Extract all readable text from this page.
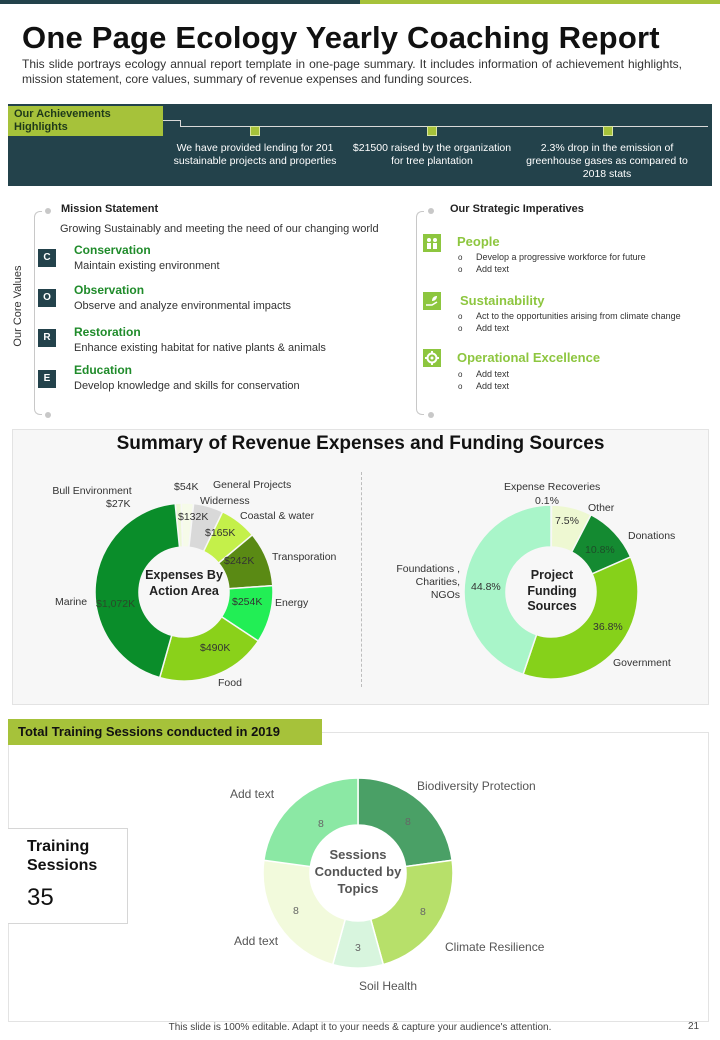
One Page Ecology Yearly Coaching Report
This slide portrays ecology annual report template in one-page summary. It includes information of achievement highlights, mission statement, core values, summary of revenue expenses and funding sources.
Our Achievements Highlights
We have provided lending for 201 sustainable projects and properties
$21500 raised by the organization for tree plantation
2.3% drop in the emission of greenhouse gases as compared to 2018 stats
Our Core Values
Mission Statement
Growing Sustainably and meeting the need of our changing world
C
Conservation
Maintain existing environment
O
Observation
Observe and analyze environmental impacts
R	Restoration
Enhance existing habitat for native plants & animals
E
Education
Develop knowledge and skills for conservation
Our Strategic Imperatives
People
o Develop a progressive workforce for future
o Add text
Sustainability
o Act to the opportunities arising from climate change
o Add text
Operational Excellence
o Add text
o Add text
Summary of Revenue Expenses and Funding Sources
Total Training Sessions conducted in 2019
Training Sessions
35
Expenses By Action Area
Bull Environment
$27K
General Projects
$54K
Widerness
$132K	Coastal & water
$165K
Transporation
$242K
Energy
$254K
Food
$490K
Marine $1,072K
Project Funding Sources
Expense Recoveries
0.1%
Other
7.5%
Donations
10.8%
Government
36.8%
Foundations , Charities, NGOs
44.8%
Sessions Conducted by Topics
Biodiversity Protection
Climate Resilience
Soil Health
Add text
Add text
8
8
3
8
8
This slide is 100% editable. Adapt it to your needs & capture your audience's attention.	21
